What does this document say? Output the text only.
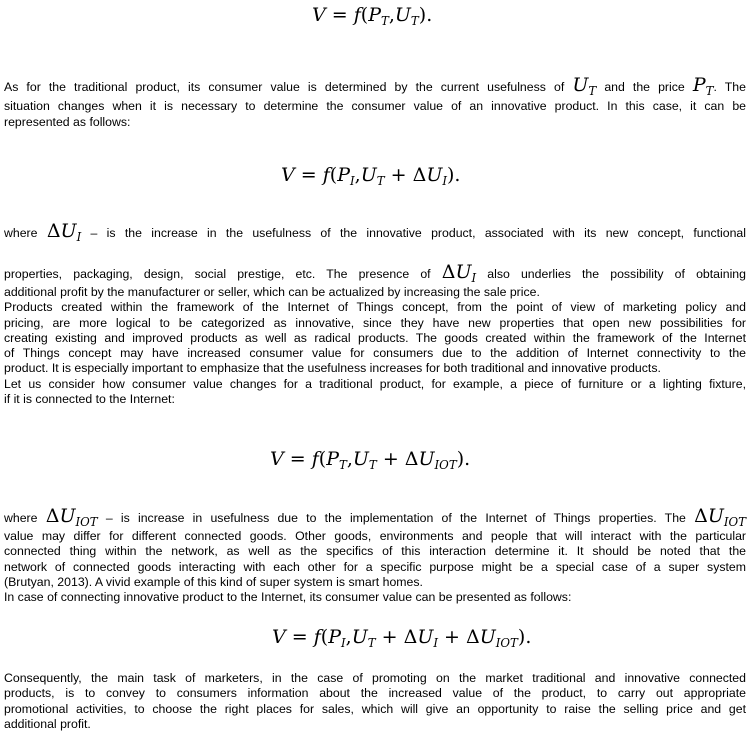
$V = f(P_T,U_T)$.
As for the traditional product, its consumer value is determined by the current usefulness of $U_T$ and the price $P_T$. The
situation changes when it is necessary to determine the consumer value of an innovative product. In this case, it can be
represented as follows:
$V = f(P_I,U_T + \Delta U_I)$.
where $\Delta U_I$ – is the increase in the usefulness of the innovative product, associated with its new concept, functional
properties, packaging, design, social prestige, etc. The presence of $\Delta U_I$ also underlies the possibility of obtaining
additional profit by the manufacturer or seller, which can be actualized by increasing the sale price.
Products created within the framework of the Internet of Things concept, from the point of view of marketing policy and
pricing, are more logical to be categorized as innovative, since they have new properties that open new possibilities for
creating existing and improved products as well as radical products. The goods created within the framework of the Internet
of Things concept may have increased consumer value for consumers due to the addition of Internet connectivity to the
product. It is especially important to emphasize that the usefulness increases for both traditional and innovative products.
Let us consider how consumer value changes for a traditional product, for example, a piece of furniture or a lighting fixture,
if it is connected to the Internet:
$V = f(P_T,U_T + \Delta U_{IOT})$.
where $\Delta U_{IOT}$ – is increase in usefulness due to the implementation of the Internet of Things properties. The $\Delta U_{IOT}$
value may differ for different connected goods. Other goods, environments and people that will interact with the particular
connected thing within the network, as well as the specifics of this interaction determine it. It should be noted that the
network of connected goods interacting with each other for a specific purpose might be a special case of a super system
(Brutyan, 2013). A vivid example of this kind of super system is smart homes.
In case of connecting innovative product to the Internet, its consumer value can be presented as follows:
$V = f(P_I,U_T + \Delta U_I + \Delta U_{IOT})$.
Consequently, the main task of marketers, in the case of promoting on the market traditional and innovative connected
products, is to convey to consumers information about the increased value of the product, to carry out appropriate
promotional activities, to choose the right places for sales, which will give an opportunity to raise the selling price and get
additional profit.
